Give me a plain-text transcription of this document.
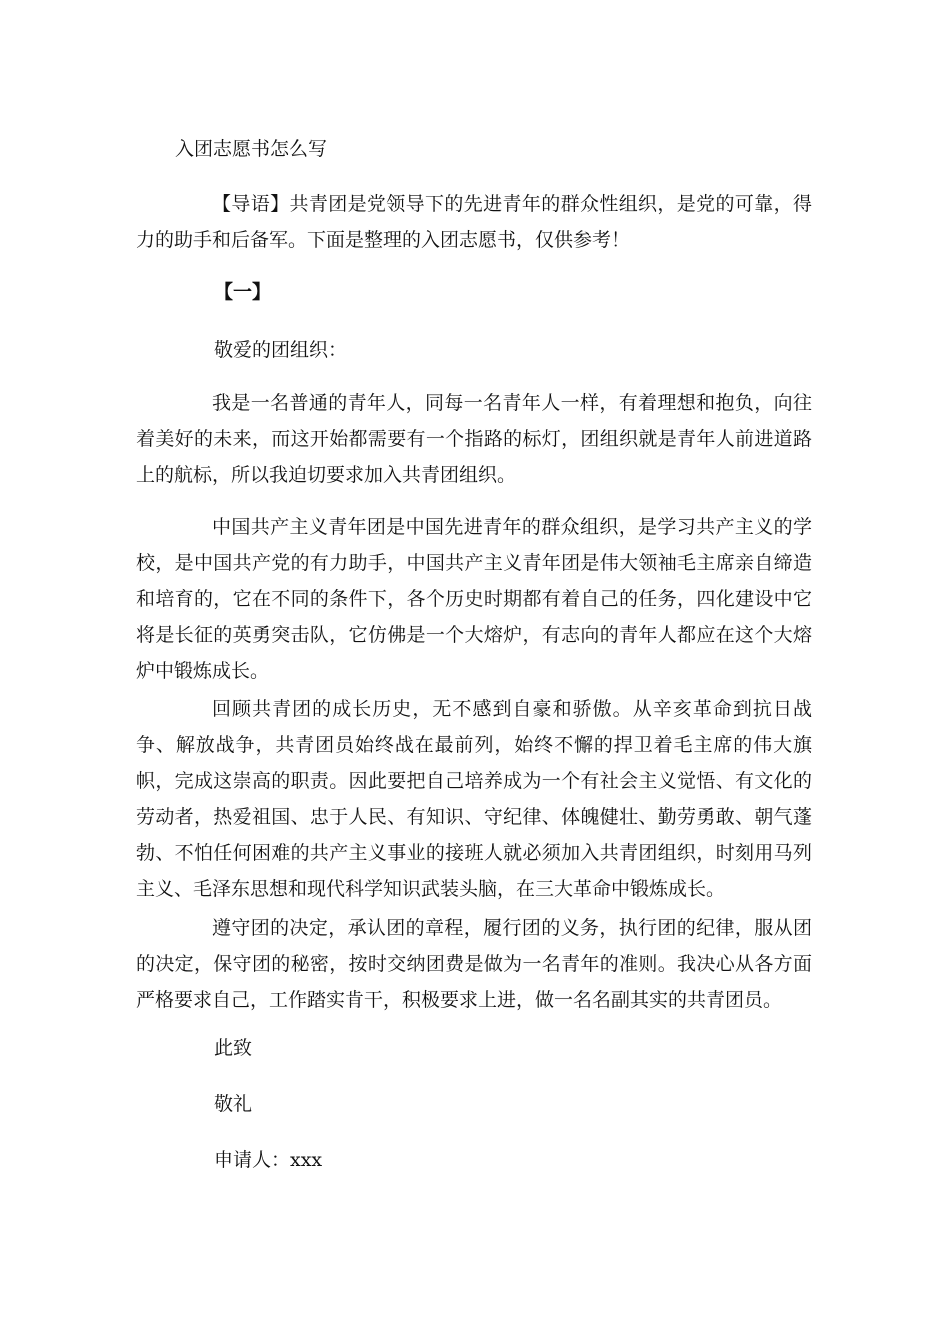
入团志愿书怎么写

【导语】共青团是党领导下的先进青年的群众性组织，是党的可靠，得力的助手和后备军。下面是整理的入团志愿书，仅供参考！

【一】

敬爱的团组织：

我是一名普通的青年人，同每一名青年人一样，有着理想和抱负，向往着美好的未来，而这开始都需要有一个指路的标灯，团组织就是青年人前进道路上的航标，所以我迫切要求加入共青团组织。

中国共产主义青年团是中国先进青年的群众组织，是学习共产主义的学校，是中国共产党的有力助手，中国共产主义青年团是伟大领袖毛主席亲自缔造和培育的，它在不同的条件下，各个历史时期都有着自己的任务，四化建设中它将是长征的英勇突击队，它仿佛是一个大熔炉，有志向的青年人都应在这个大熔炉中锻炼成长。

回顾共青团的成长历史，无不感到自豪和骄傲。从辛亥革命到抗日战争、解放战争，共青团员始终战在最前列，始终不懈的捍卫着毛主席的伟大旗帜，完成这崇高的职责。因此要把自己培养成为一个有社会主义觉悟、有文化的劳动者，热爱祖国、忠于人民、有知识、守纪律、体魄健壮、勤劳勇敢、朝气蓬勃、不怕任何困难的共产主义事业的接班人就必须加入共青团组织，时刻用马列主义、毛泽东思想和现代科学知识武装头脑，在三大革命中锻炼成长。

遵守团的决定，承认团的章程，履行团的义务，执行团的纪律，服从团的决定，保守团的秘密，按时交纳团费是做为一名青年的准则。我决心从各方面严格要求自己，工作踏实肯干，积极要求上进，做一名名副其实的共青团员。

此致

敬礼

申请人：xxx
